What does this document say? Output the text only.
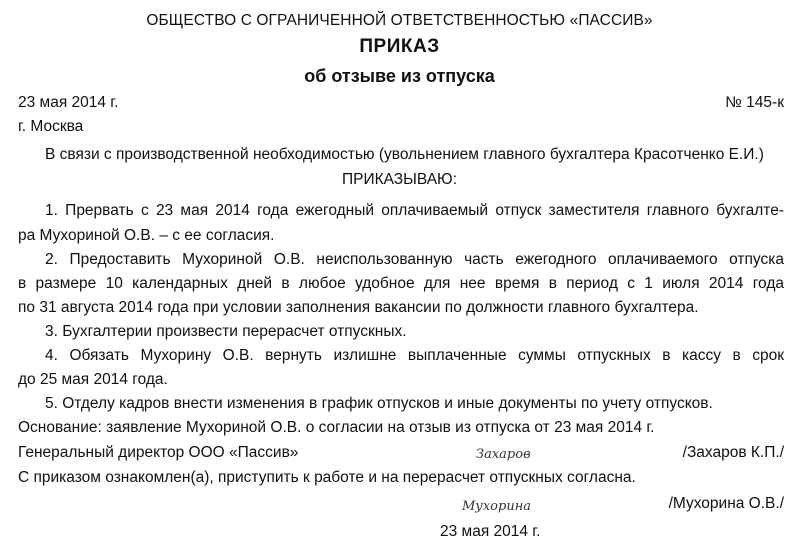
ОБЩЕСТВО С ОГРАНИЧЕННОЙ ОТВЕТСТВЕННОСТЬЮ «ПАССИВ»
ПРИКАЗ
об отзыве из отпуска
23 мая 2014 г.	№ 145-к
г. Москва
В связи с производственной необходимостью (увольнением главного бухгалтера Красотченко Е.И.)
ПРИКАЗЫВАЮ:
1. Прервать с 23 мая 2014 года ежегодный оплачиваемый отпуск заместителя главного бухгалте-
ра Мухориной О.В. – с ее согласия.
2. Предоставить Мухориной О.В. неиспользованную часть ежегодного оплачиваемого отпуска
в размере 10 календарных дней в любое удобное для нее время в период с 1 июля 2014 года
по 31 августа 2014 года при условии заполнения вакансии по должности главного бухгалтера.
3. Бухгалтерии произвести перерасчет отпускных.
4. Обязать Мухорину О.В. вернуть излишне выплаченные суммы отпускных в кассу в срок
до 25 мая 2014 года.
5. Отделу кадров внести изменения в график отпусков и иные документы по учету отпусков.
Основание: заявление Мухориной О.В. о согласии на отзыв из отпуска от 23 мая 2014 г.
Генеральный директор ООО «Пассив»	Захаров	/Захаров К.П./
С приказом ознакомлен(а), приступить к работе и на перерасчет отпускных согласна.
Мухорина	/Мухорина О.В./
23 мая 2014 г.
